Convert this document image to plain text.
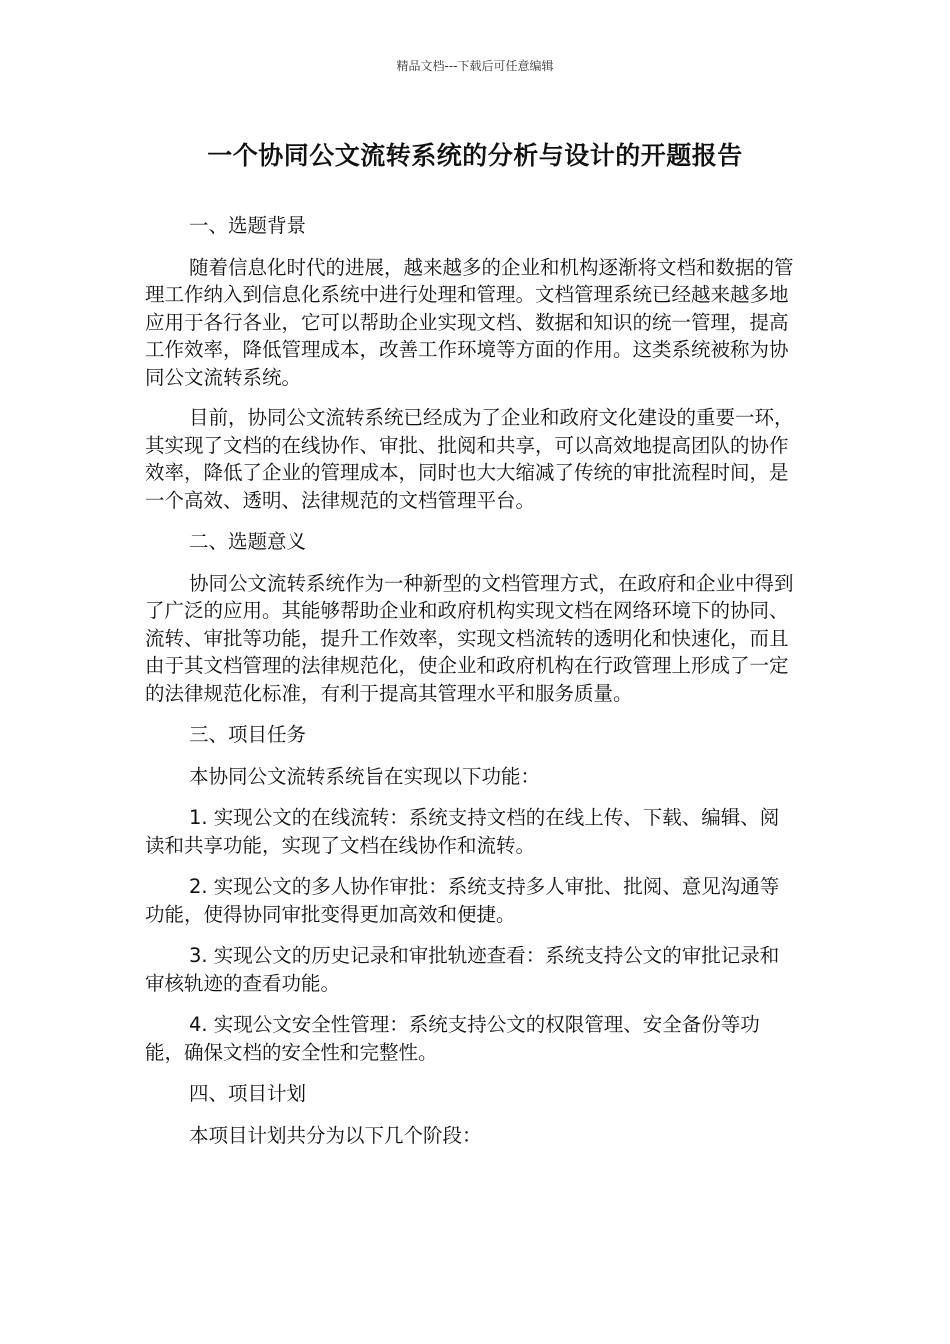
精品文档---下载后可任意编辑
一个协同公文流转系统的分析与设计的开题报告

一、选题背景

随着信息化时代的进展，越来越多的企业和机构逐渐将文档和数据的管理工作纳入到信息化系统中进行处理和管理。文档管理系统已经越来越多地应用于各行各业，它可以帮助企业实现文档、数据和知识的统一管理，提高工作效率，降低管理成本，改善工作环境等方面的作用。这类系统被称为协同公文流转系统。

目前，协同公文流转系统已经成为了企业和政府文化建设的重要一环，其实现了文档的在线协作、审批、批阅和共享，可以高效地提高团队的协作效率，降低了企业的管理成本，同时也大大缩减了传统的审批流程时间，是一个高效、透明、法律规范的文档管理平台。

二、选题意义

协同公文流转系统作为一种新型的文档管理方式，在政府和企业中得到了广泛的应用。其能够帮助企业和政府机构实现文档在网络环境下的协同、流转、审批等功能，提升工作效率，实现文档流转的透明化和快速化，而且由于其文档管理的法律规范化，使企业和政府机构在行政管理上形成了一定的法律规范化标准，有利于提高其管理水平和服务质量。

三、项目任务

本协同公文流转系统旨在实现以下功能：

1. 实现公文的在线流转：系统支持文档的在线上传、下载、编辑、阅读和共享功能，实现了文档在线协作和流转。

2. 实现公文的多人协作审批：系统支持多人审批、批阅、意见沟通等功能，使得协同审批变得更加高效和便捷。

3. 实现公文的历史记录和审批轨迹查看：系统支持公文的审批记录和审核轨迹的查看功能。

4. 实现公文安全性管理：系统支持公文的权限管理、安全备份等功能，确保文档的安全性和完整性。

四、项目计划

本项目计划共分为以下几个阶段：
